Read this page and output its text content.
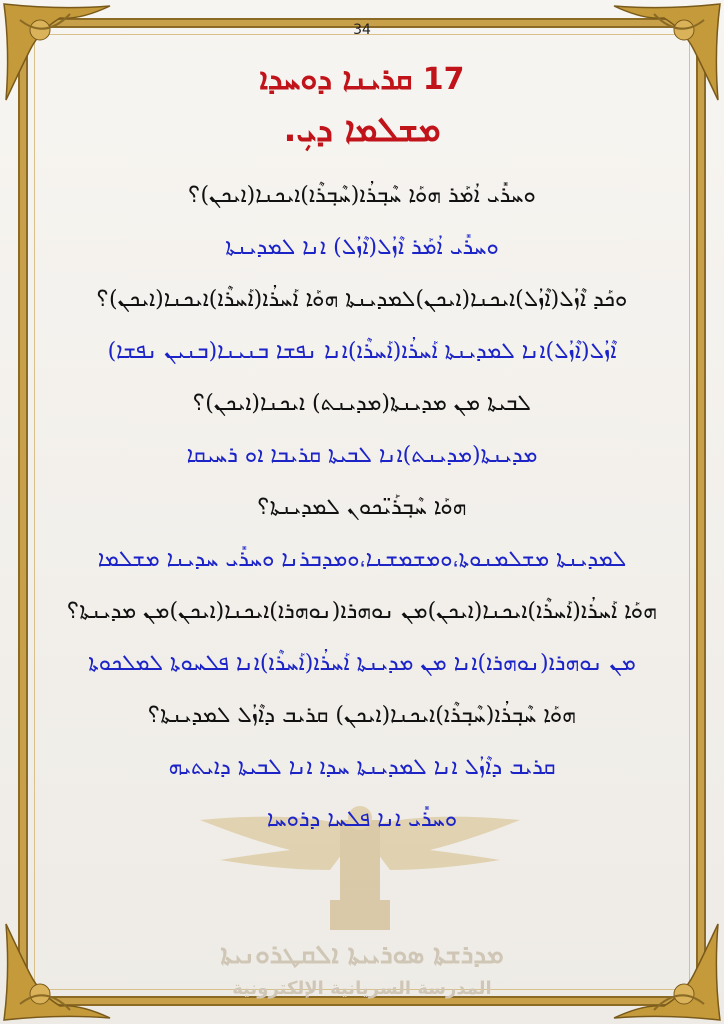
34
17 ܩܪܝܢܐ ܕܘܚܕܐ
ܡܫܠܡܐ ܕܝܼ.
ܘܚܪܺܝ ܐܳܡܰܪ ܗܘܰܐ ܚܶܒ݂ܪܳܐ(ܚܶܒ݂ܪܶܐ)ܐܝܟܢܐ(ܐܝܟܢ)؟
ܘܚܪܺܝ ܐܳܡܰܪ ܐܶܙܳܠ(ܐܶܙܳܠ) ܐܢܐ ܠܡܕܝܢܬܐ
ܘܟܰܕ ܐܶܙܳܠ(ܐܶܙܳܠ)ܐܝܟܢܐ(ܐܝܟܢ)ܠܡܕܝܢܬܐ ܗܘܰܐ ܐܰܚܪܳܐ(ܐܰܚܪܶܐ)ܐܝܟܢܐ(ܐܝܟܢ)؟
ܐܶܙܳܠ(ܐܶܙܳܠ)ܐܢܐ ܠܡܕܝܢܬܐ ܐܰܚܪܳܐ(ܐܰܚܪܶܐ)ܐܢܐ ܢܦܫܐ ܒܢܝܢܐ(ܒܢܝܢ ܢܦܫܐ)
ܠܒܝܬܐ ܡܢ ܡܕܝܢܬܐ(ܡܕܝܢܬ) ܐܝܟܢܐ(ܐܝܟܢ)؟
ܡܕܝܢܬܐ(ܡܕܝܢܬ)ܐܢܐ ܠܒܝܬܐ ܩܪܝܒܐ ܐܘ ܪܚܝܩܐ
ܗܘܰܐ ܚܶܒ݂ܪܰܝ̈ܟܘܢ ܠܡܕܝܢܬܐ؟
ܠܡܕܝܢܬܐ ܡܫܠܡܢܘܬܐ،ܘܡܫܡܫܢܐ،ܘܡܕܒܪܢܐ ܘܚܪܺܝ ܚܕܝܢܐ ܡܫܠܡܐ
ܗܘܰܐ ܐܰܚܪܳܐ(ܐܰܚܪܶܐ)ܐܝܟܢܐ(ܐܝܟܢ)ܡܢ ܢܘܗܪܐ(ܢܘܗܪܐ)ܐܝܟܢܐ(ܐܝܟܢ)ܡܢ ܡܕܝܢܬܐ؟
ܡܢ ܢܘܗܪܐ(ܢܘܗܪܐ)ܐܢܐ ܡܢ ܡܕܝܢܬܐ ܐܰܚܪܳܐ(ܐܰܚܪܶܐ)ܐܢܐ ܦܠܚܘܬܐ ܠܡܠܟܘܬܐ
ܗܘܰܐ ܚܶܒ݂ܪܳܐ(ܚܶܒ݂ܪܶܐ)ܐܝܟܢܐ(ܐܝܟܢ) ܩܪܝܒ ܕܐܶܙܳܠ ܠܡܕܝܢܬܐ؟
ܩܪܝܒ ܕܐܶܙܳܠ ܐܢܐ ܠܡܕܝܢܬܐ ܚܕܐ ܐܢܐ ܠܒܝܬܐ ܕܐܝܬܝܗ
ܘܚܪܺܝ ܐܢܐ ܦܠܚܐ ܕܪܘܚܐ
ܡܕܪܫܬܐ ܣܘܪܝܝܬܐ ܐܠܩܛܪܘܢܝܬܐ
المدرسة السريانية الإلكترونية
